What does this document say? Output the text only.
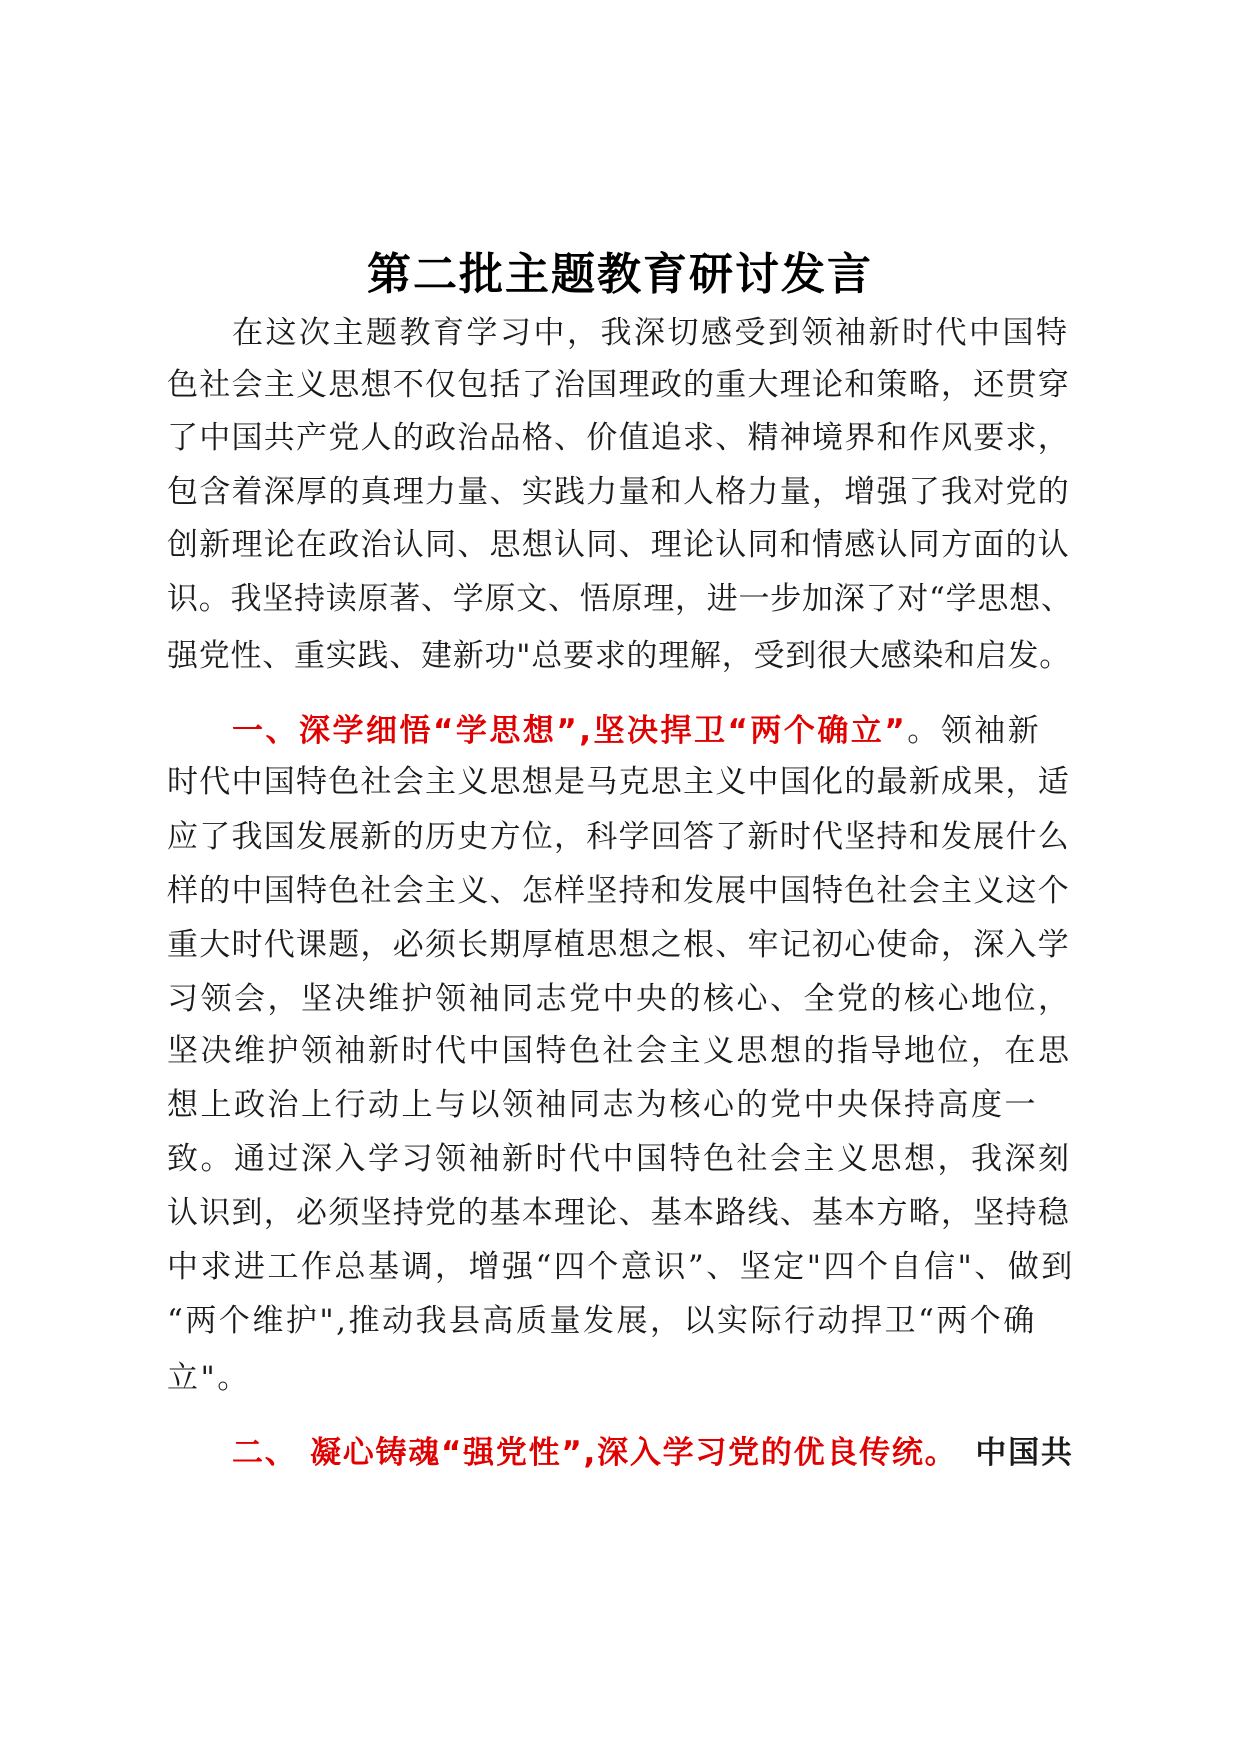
第二批主题教育研讨发言
在这次主题教育学习中，我深切感受到领袖新时代中国特
色社会主义思想不仅包括了治国理政的重大理论和策略，还贯穿
了中国共产党人的政治品格、价值追求、精神境界和作风要求，
包含着深厚的真理力量、实践力量和人格力量，增强了我对党的
创新理论在政治认同、思想认同、理论认同和情感认同方面的认
识。我坚持读原著、学原文、悟原理，进一步加深了对“学思想、
强党性、重实践、建新功"总要求的理解，受到很大感染和启发。
一、深学细悟“学思想”,坚决捍卫“两个确立”。领袖新
时代中国特色社会主义思想是马克思主义中国化的最新成果，适
应了我国发展新的历史方位，科学回答了新时代坚持和发展什么
样的中国特色社会主义、怎样坚持和发展中国特色社会主义这个
重大时代课题，必须长期厚植思想之根、牢记初心使命，深入学
习领会，坚决维护领袖同志党中央的核心、全党的核心地位，
坚决维护领袖新时代中国特色社会主义思想的指导地位，在思
想上政治上行动上与以领袖同志为核心的党中央保持高度一
致。通过深入学习领袖新时代中国特色社会主义思想，我深刻
认识到，必须坚持党的基本理论、基本路线、基本方略，坚持稳
中求进工作总基调，增强“四个意识”、坚定"四个自信"、做到
“两个维护",推动我县高质量发展，以实际行动捍卫“两个确
立"。
二、 凝心铸魂“强党性”,深入学习党的优良传统。 中国共
